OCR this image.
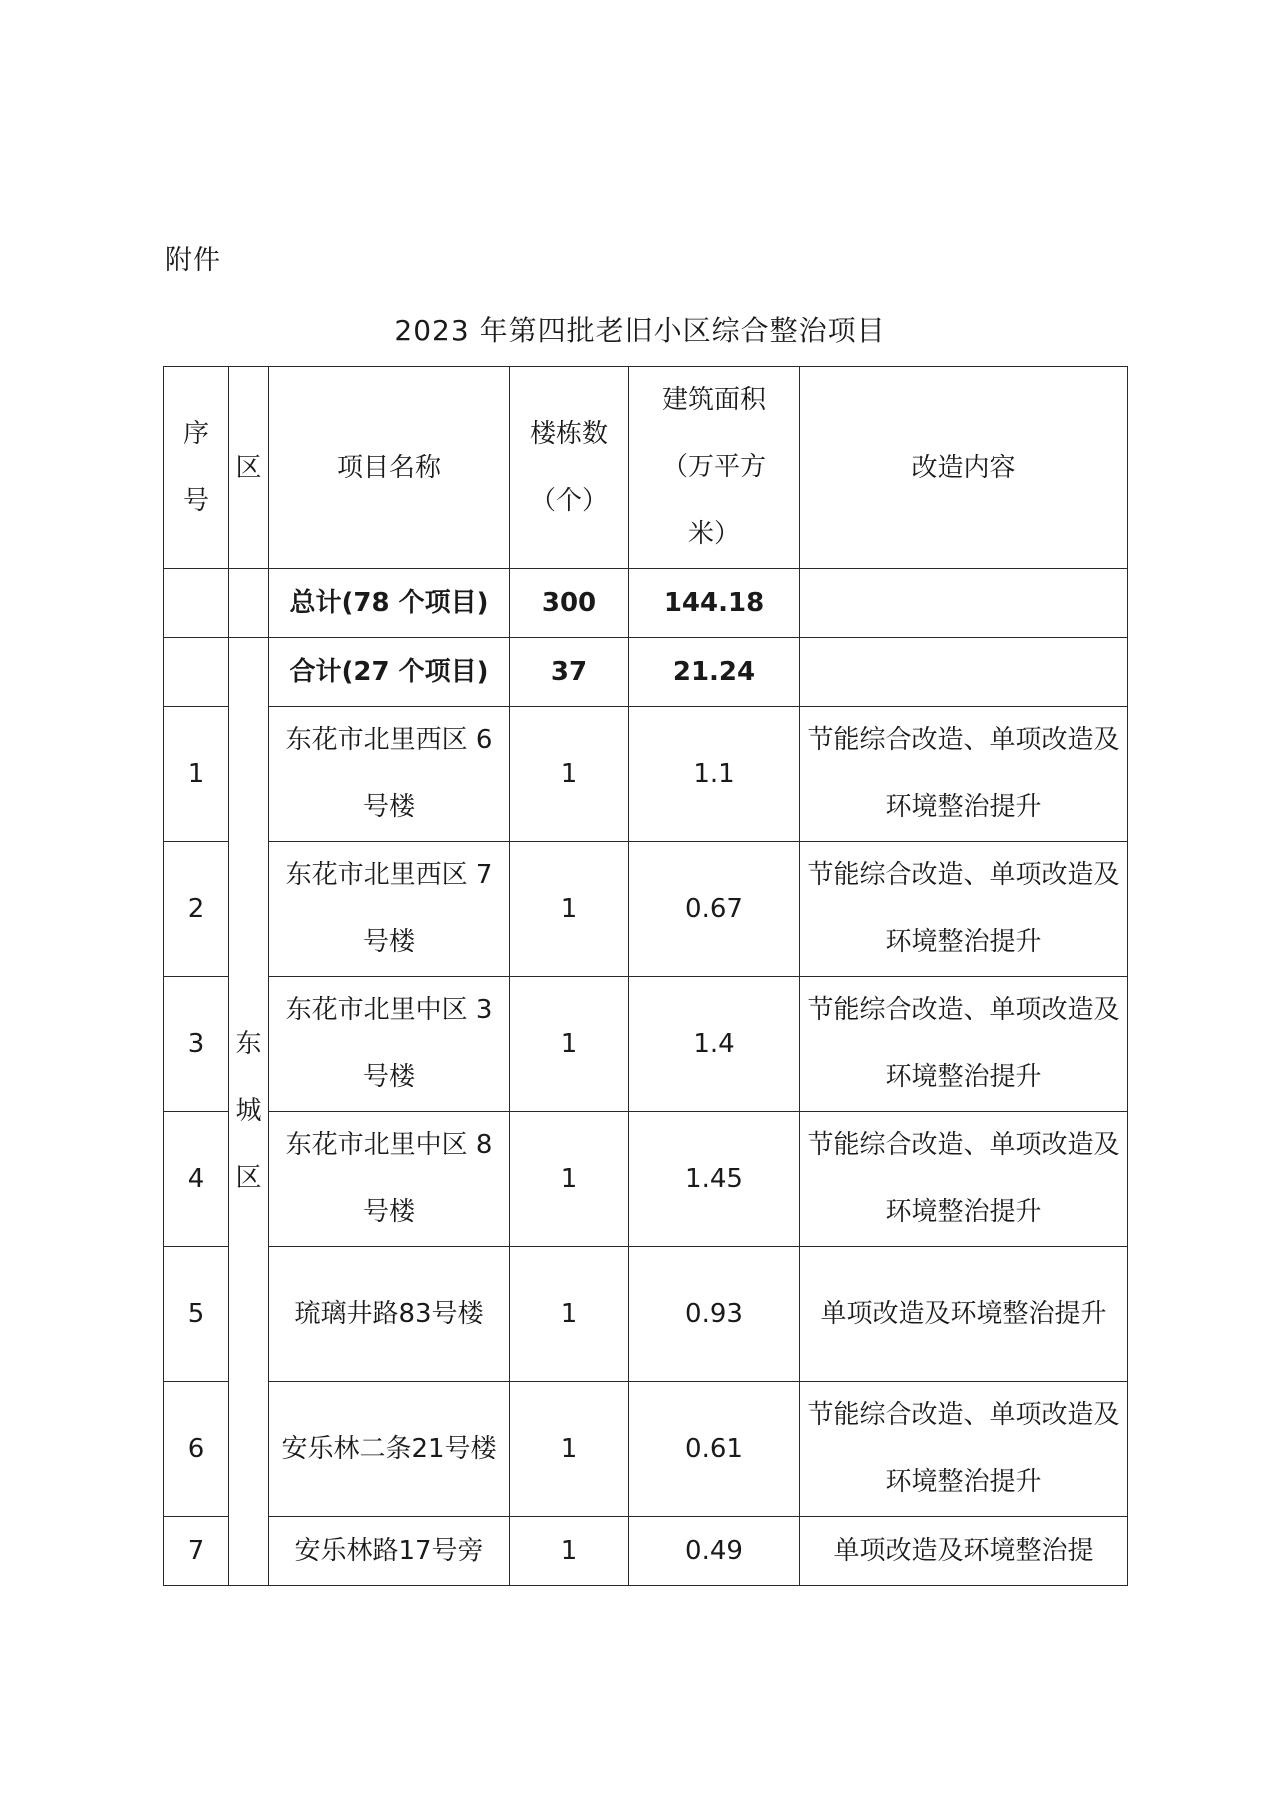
附件
2023 年第四批老旧小区综合整治项目
序号	区	项目名称	楼栋数（个）	建筑面积（万平方米）	改造内容
		总计(78 个项目)	300	144.18	
	东城区	合计(27 个项目)	37	21.24	
1		东花市北里西区 6 号楼	1	1.1	节能综合改造、单项改造及环境整治提升
2		东花市北里西区 7 号楼	1	0.67	节能综合改造、单项改造及环境整治提升
3		东花市北里中区 3 号楼	1	1.4	节能综合改造、单项改造及环境整治提升
4		东花市北里中区 8 号楼	1	1.45	节能综合改造、单项改造及环境整治提升
5		琉璃井路83号楼	1	0.93	单项改造及环境整治提升
6		安乐林二条21号楼	1	0.61	节能综合改造、单项改造及环境整治提升
7		安乐林路17号旁	1	0.49	单项改造及环境整治提
